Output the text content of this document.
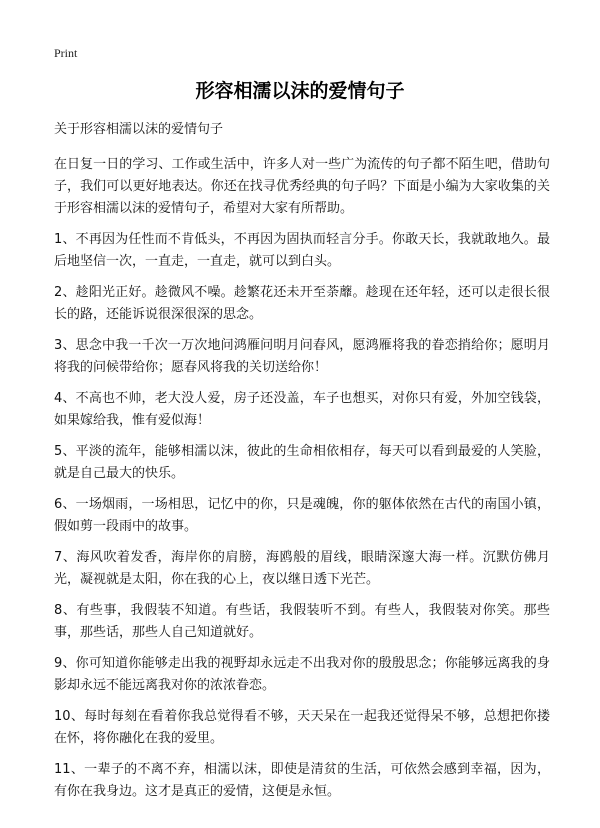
Print
形容相濡以沫的爱情句子

关于形容相濡以沫的爱情句子

在日复一日的学习、工作或生活中，许多人对一些广为流传的句子都不陌生吧，借助句子，我们可以更好地表达。你还在找寻优秀经典的句子吗？下面是小编为大家收集的关于形容相濡以沫的爱情句子，希望对大家有所帮助。

1、不再因为任性而不肯低头，不再因为固执而轻言分手。你敢天长，我就敢地久。最后地坚信一次，一直走，一直走，就可以到白头。

2、趁阳光正好。趁微风不噪。趁繁花还未开至荼蘼。趁现在还年轻，还可以走很长很长的路，还能诉说很深很深的思念。

3、思念中我一千次一万次地问鸿雁问明月问春风，愿鸿雁将我的眷恋捎给你；愿明月将我的问候带给你；愿春风将我的关切送给你！

4、不高也不帅，老大没人爱，房子还没盖，车子也想买，对你只有爱，外加空钱袋，如果嫁给我，惟有爱似海！

5、平淡的流年，能够相濡以沫，彼此的生命相依相存，每天可以看到最爱的人笑脸，就是自己最大的快乐。

6、一场烟雨，一场相思，记忆中的你，只是魂魄，你的躯体依然在古代的南国小镇，假如剪一段雨中的故事。

7、海风吹着发香，海岸你的肩膀，海鸥般的眉线，眼睛深邃大海一样。沉默仿佛月光，凝视就是太阳，你在我的心上，夜以继日透下光芒。

8、有些事，我假装不知道。有些话，我假装听不到。有些人，我假装对你笑。那些事，那些话，那些人自己知道就好。

9、你可知道你能够走出我的视野却永远走不出我对你的殷殷思念；你能够远离我的身影却永远不能远离我对你的浓浓眷恋。

10、每时每刻在看着你我总觉得看不够，天天呆在一起我还觉得呆不够，总想把你搂在怀，将你融化在我的爱里。

11、一辈子的不离不弃，相濡以沫，即使是清贫的生活，可依然会感到幸福，因为，有你在我身边。这才是真正的爱情，这便是永恒。
